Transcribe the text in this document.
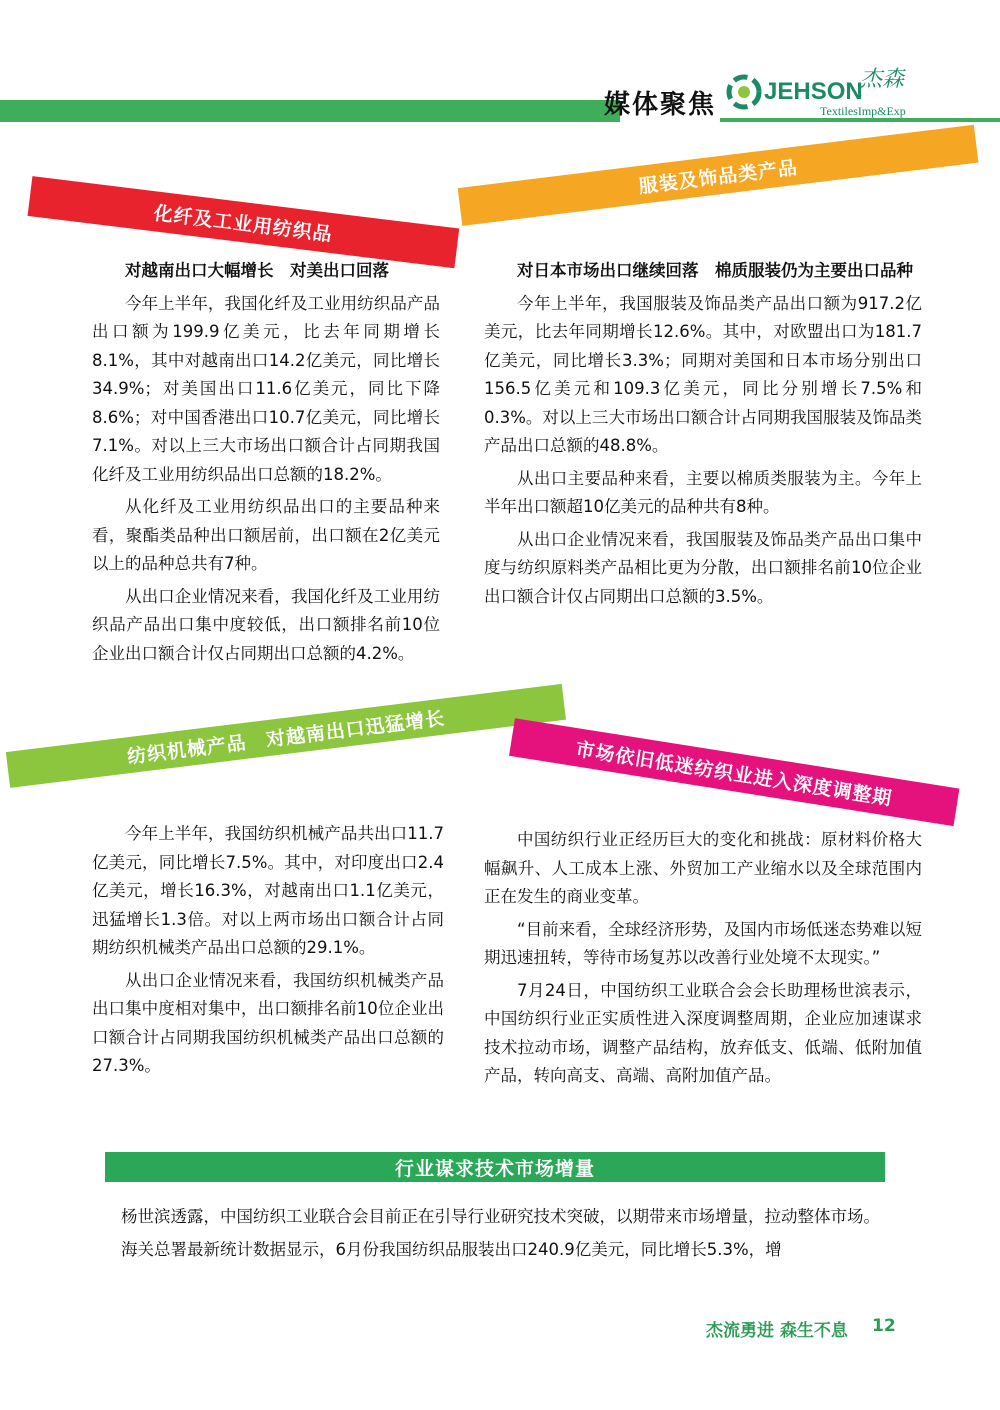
媒体聚焦 JEHSON
杰森
TextilesImp&Exp
化纤及工业用纺织品
服装及饰品类产品
纺织机械产品　对越南出口迅猛增长
市场依旧低迷纺织业进入深度调整期
行业谋求技术市场增量

对越南出口大幅增长　对美出口回落

今年上半年，我国化纤及工业用纺织品产品出口额为199.9亿美元，比去年同期增长8.1%，其中对越南出口14.2亿美元，同比增长34.9%；对美国出口11.6亿美元，同比下降8.6%；对中国香港出口10.7亿美元，同比增长7.1%。对以上三大市场出口额合计占同期我国化纤及工业用纺织品出口总额的18.2%。

从化纤及工业用纺织品出口的主要品种来看，聚酯类品种出口额居前，出口额在2亿美元以上的品种总共有7种。

从出口企业情况来看，我国化纤及工业用纺织品产品出口集中度较低，出口额排名前10位企业出口额合计仅占同期出口总额的4.2%。

对日本市场出口继续回落　棉质服装仍为主要出口品种

今年上半年，我国服装及饰品类产品出口额为917.2亿美元，比去年同期增长12.6%。其中，对欧盟出口为181.7亿美元，同比增长3.3%；同期对美国和日本市场分别出口156.5亿美元和109.3亿美元，同比分别增长7.5%和0.3%。对以上三大市场出口额合计占同期我国服装及饰品类产品出口总额的48.8%。

从出口主要品种来看，主要以棉质类服装为主。今年上半年出口额超10亿美元的品种共有8种。

从出口企业情况来看，我国服装及饰品类产品出口集中度与纺织原料类产品相比更为分散，出口额排名前10位企业出口额合计仅占同期出口总额的3.5%。

今年上半年，我国纺织机械产品共出口11.7亿美元，同比增长7.5%。其中，对印度出口2.4亿美元，增长16.3%，对越南出口1.1亿美元，迅猛增长1.3倍。对以上两市场出口额合计占同期纺织机械类产品出口总额的29.1%。

从出口企业情况来看，我国纺织机械类产品出口集中度相对集中，出口额排名前10位企业出口额合计占同期我国纺织机械类产品出口总额的27.3%。

中国纺织行业正经历巨大的变化和挑战：原材料价格大幅飙升、人工成本上涨、外贸加工产业缩水以及全球范围内正在发生的商业变革。

“目前来看，全球经济形势，及国内市场低迷态势难以短期迅速扭转，等待市场复苏以改善行业处境不太现实。”

7月24日，中国纺织工业联合会会长助理杨世滨表示，中国纺织行业正实质性进入深度调整周期，企业应加速谋求技术拉动市场，调整产品结构，放弃低支、低端、低附加值产品，转向高支、高端、高附加值产品。

杨世滨透露，中国纺织工业联合会目前正在引导行业研究技术突破，以期带来市场增量，拉动整体市场。

海关总署最新统计数据显示，6月份我国纺织品服装出口240.9亿美元，同比增长5.3%，增

杰流勇进 森生不息 12
